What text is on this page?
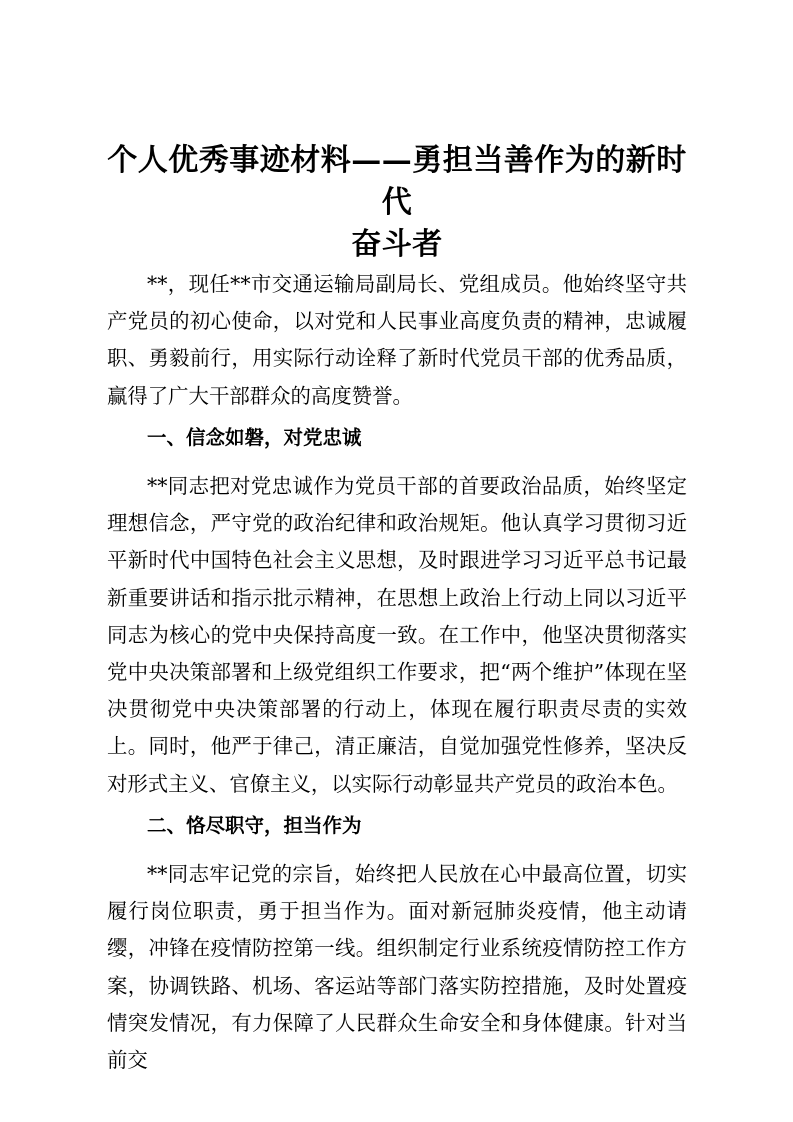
个人优秀事迹材料——勇担当善作为的新时代
奋斗者

**，现任**市交通运输局副局长、党组成员。他始终坚守共产党员的初心使命，以对党和人民事业高度负责的精神，忠诚履职、勇毅前行，用实际行动诠释了新时代党员干部的优秀品质，赢得了广大干部群众的高度赞誉。

一、信念如磐，对党忠诚

**同志把对党忠诚作为党员干部的首要政治品质，始终坚定理想信念，严守党的政治纪律和政治规矩。他认真学习贯彻习近平新时代中国特色社会主义思想，及时跟进学习习近平总书记最新重要讲话和指示批示精神，在思想上政治上行动上同以习近平同志为核心的党中央保持高度一致。在工作中，他坚决贯彻落实党中央决策部署和上级党组织工作要求，把“两个维护”体现在坚决贯彻党中央决策部署的行动上，体现在履行职责尽责的实效上。同时，他严于律己，清正廉洁，自觉加强党性修养，坚决反对形式主义、官僚主义，以实际行动彰显共产党员的政治本色。

二、恪尽职守，担当作为

**同志牢记党的宗旨，始终把人民放在心中最高位置，切实履行岗位职责，勇于担当作为。面对新冠肺炎疫情，他主动请缨，冲锋在疫情防控第一线。组织制定行业系统疫情防控工作方案，协调铁路、机场、客运站等部门落实防控措施，及时处置疫情突发情况，有力保障了人民群众生命安全和身体健康。针对当前交
